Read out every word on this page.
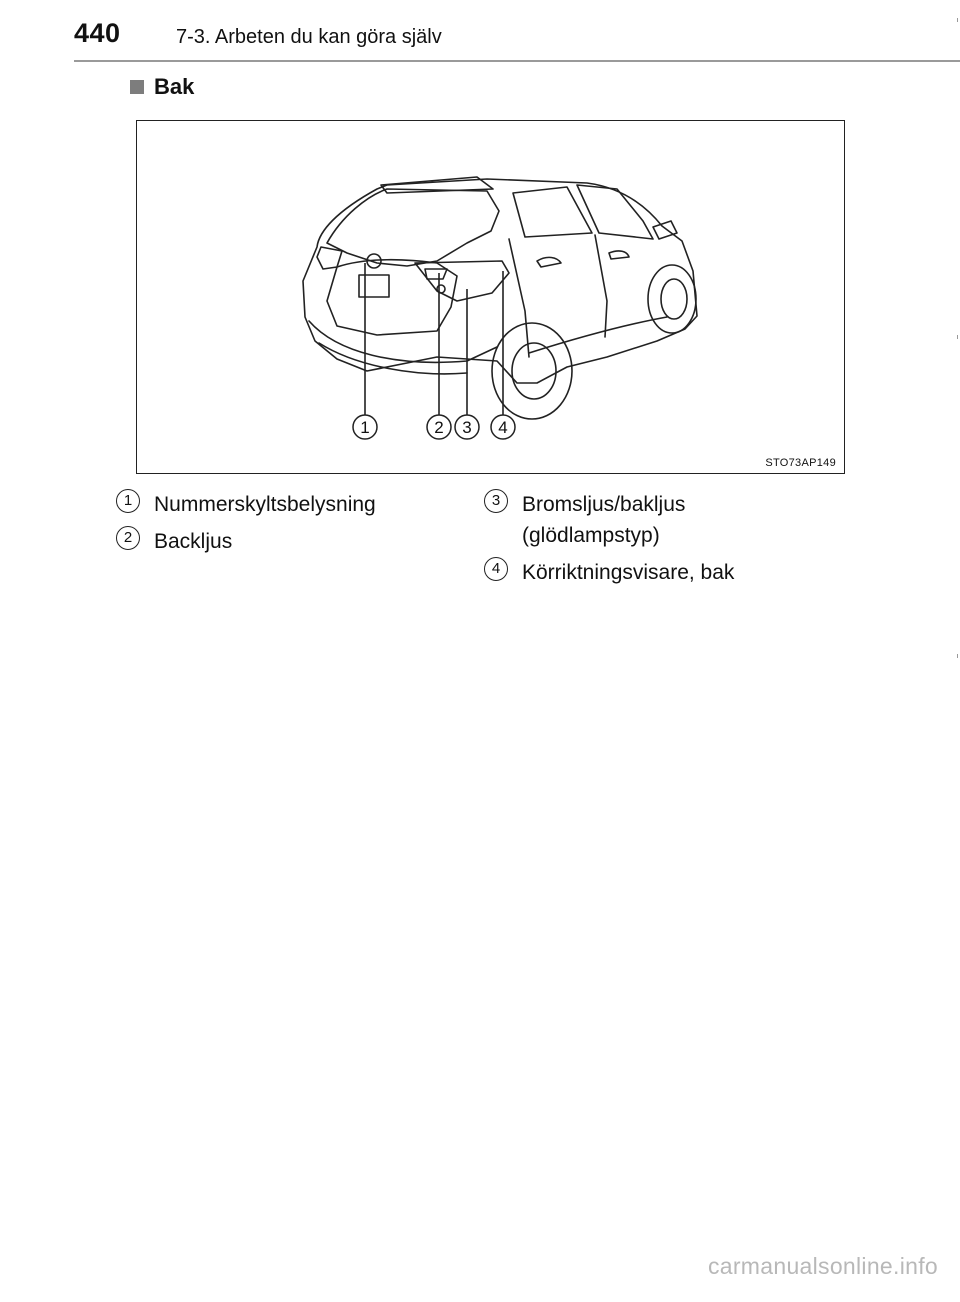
440	7-3. Arbeten du kan göra själv
Bak
1	2 3 4
STO73AP149
1	Nummerskyltsbelysning
2	Backljus
3	Bromsljus/bakljus
(glödlampstyp)
4	Körriktningsvisare, bak
carmanualsonline.info
